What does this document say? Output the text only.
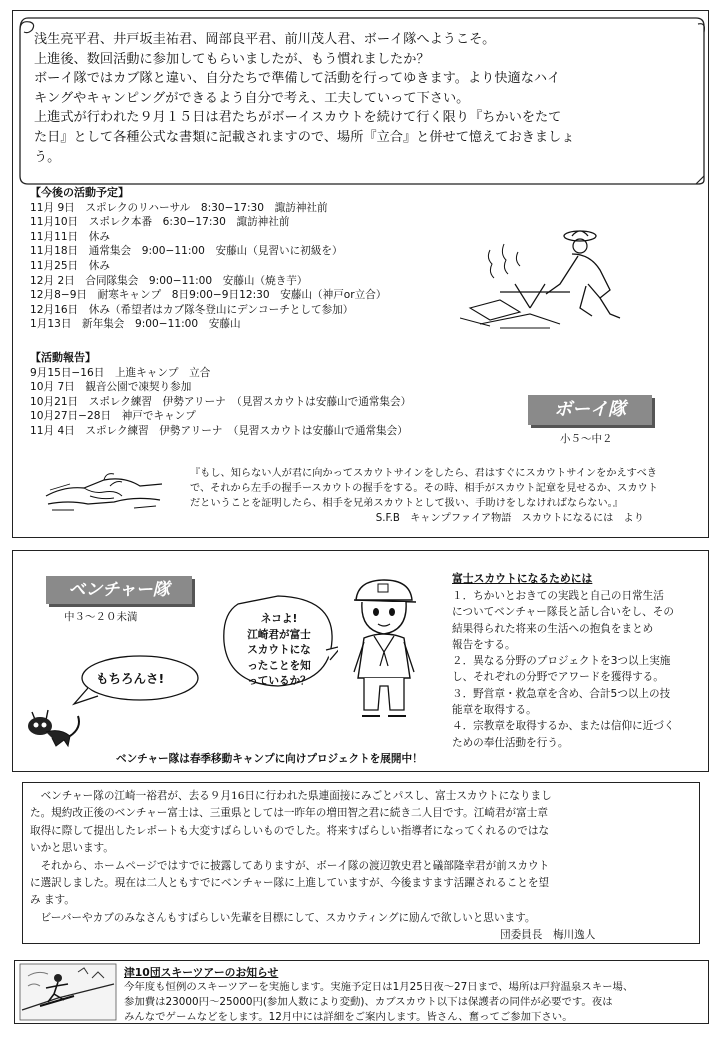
浅生亮平君、井戸坂圭祐君、岡部良平君、前川茂人君、ボーイ隊へようこそ。
上進後、数回活動に参加してもらいましたが、もう慣れましたか？
ボーイ隊ではカブ隊と違い、自分たちで準備して活動を行ってゆきます。より快適なハイ
キングやキャンピングができるよう自分で考え、工夫していって下さい。
上進式が行われた９月１５日は君たちがボーイスカウトを続けて行く限り『ちかいをたて
た日』として各種公式な書類に記載されますので、場所『立合』と併せて憶えておきましょ
う。
【今後の活動予定】
11月 9日　スポレクのリハーサル　8:30−17:30　諏訪神社前
11月10日　スポレク本番　6:30−17:30　諏訪神社前
11月11日　休み
11月18日　通常集会　9:00−11:00　安藤山（見習いに初級を）
11月25日　休み
12月 2日　合同隊集会　9:00−11:00　安藤山（焼き芋）
12月8−9日　耐寒キャンプ　8日9:00−9日12:30　安藤山（神戸or立合）
12月16日　休み（希望者はカブ隊冬登山にデンコーチとして参加）
1月13日　新年集会　9:00−11:00　安藤山
【活動報告】
9月15日−16日　上進キャンプ　立合
10月 7日　観音公園で凍契り参加
10月21日　スポレク練習　伊勢アリーナ　（見習スカウトは安藤山で通常集会）
10月27日−28日　神戸でキャンプ
11月 4日　スポレク練習　伊勢アリーナ　（見習スカウトは安藤山で通常集会）
ボーイ隊
小５〜中２
『もし、知らない人が君に向かってスカウトサインをしたら、君はすぐにスカウトサインをかえすべき
で、それから左手の握手ースカウトの握手をする。その時、相手がスカウト記章を見せるか、スカウト
だということを証明したら、相手を兄弟スカウトとして扱い、手助けをしなければならない。』
S.F.B　キャンプファイア物語　スカウトになるには　より
ベンチャー隊
中３〜２０未満	ネコよ!
江崎君が富士
スカウトにな
ったことを知
っているか？
もちろんさ!
富士スカウトになるためには
１．ちかいとおきての実践と自己の日常生活
についてベンチャー隊長と話し合いをし、その
結果得られた将来の生活への抱負をまとめ
報告をする。
２．異なる分野のプロジェクトを3つ以上実施
し、それぞれの分野でアワードを獲得する。
３．野営章・救急章を含め、合計5つ以上の技
能章を取得する。
４．宗教章を取得するか、または信仰に近づく
ための奉仕活動を行う。
ベンチャー隊は春季移動キャンプに向けプロジェクトを展開中！
　ベンチャー隊の江崎一裕君が、去る９月16日に行われた県連面接にみごとパスし、富士スカウトになりまし
た。規約改正後のベンチャー富士は、三重県としては一昨年の増田智之君に続き二人目です。江崎君が富士章
取得に際して提出したレポートも大変すばらしいものでした。将来すばらしい指導者になってくれるのではな
いかと思います。
　それから、ホームページではすでに披露してありますが、ボーイ隊の渡辺敦史君と礒部隆幸君が前スカウト
に選訳しました。現在は二人ともすでにベンチャー隊に上進していますが、今後ますます活躍されることを望
み ます。
　ビーバーやカブのみなさんもすばらしい先輩を目標にして、スカウティングに励んで欲しいと思います。
団委員長　梅川逸人
津10団スキーツアーのお知らせ
今年度も恒例のスキーツアーを実施します。実施予定日は1月25日夜〜27日まで、場所は戸狩温泉スキー場、
参加費は23000円〜25000円(参加人数により変動)、カブスカウト以下は保護者の同伴が必要です。夜は
みんなでゲームなどをします。12月中には詳細をご案内します。皆さん、奮ってご参加下さい。
